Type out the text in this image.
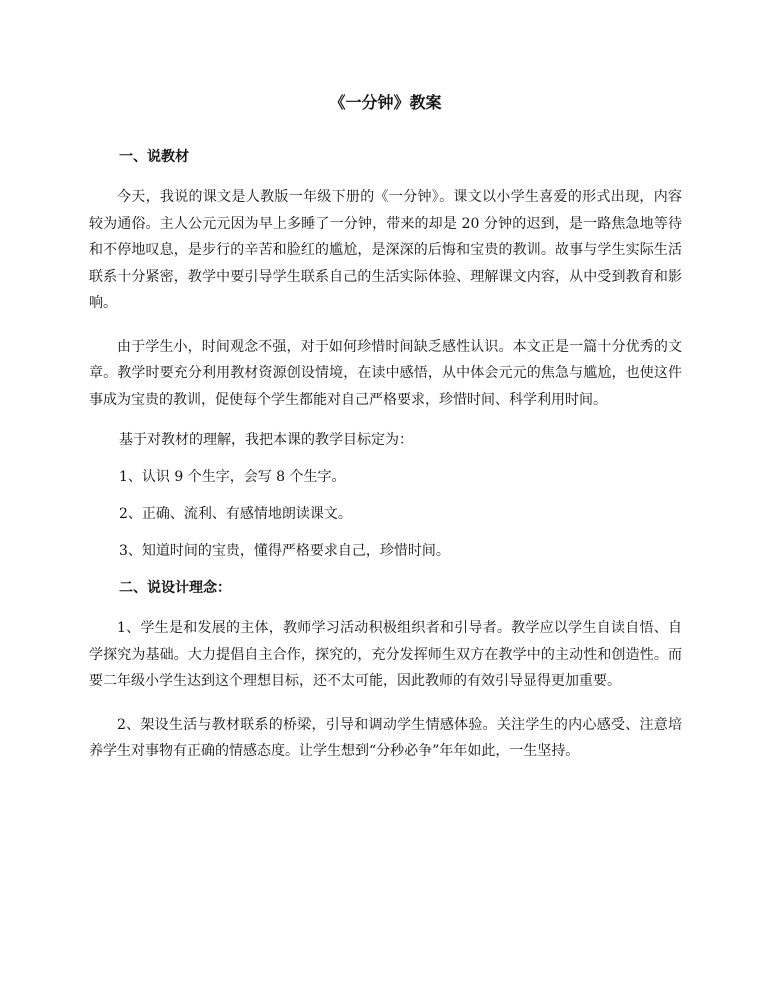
《一分钟》教案
一、说教材

今天，我说的课文是人教版一年级下册的《一分钟》。课文以小学生喜爱的形式出现，内容较为通俗。主人公元元因为早上多睡了一分钟，带来的却是 20 分钟的迟到，是一路焦急地等待和不停地叹息，是步行的辛苦和脸红的尴尬，是深深的后悔和宝贵的教训。故事与学生实际生活联系十分紧密，教学中要引导学生联系自己的生活实际体验、理解课文内容，从中受到教育和影响。

由于学生小，时间观念不强，对于如何珍惜时间缺乏感性认识。本文正是一篇十分优秀的文章。教学时要充分利用教材资源创设情境，在读中感悟，从中体会元元的焦急与尴尬，也使这件事成为宝贵的教训，促使每个学生都能对自己严格要求，珍惜时间、科学利用时间。

基于对教材的理解，我把本课的教学目标定为：
1、认识 9 个生字，会写 8 个生字。
2、正确、流利、有感情地朗读课文。
3、知道时间的宝贵，懂得严格要求自己，珍惜时间。
二、说设计理念：

1、学生是和发展的主体，教师学习活动积极组织者和引导者。教学应以学生自读自悟、自学探究为基础。大力提倡自主合作，探究的，充分发挥师生双方在教学中的主动性和创造性。而要二年级小学生达到这个理想目标，还不太可能，因此教师的有效引导显得更加重要。

2、架设生活与教材联系的桥梁，引导和调动学生情感体验。关注学生的内心感受、注意培养学生对事物有正确的情感态度。让学生想到“分秒必争”年年如此，一生坚持。
